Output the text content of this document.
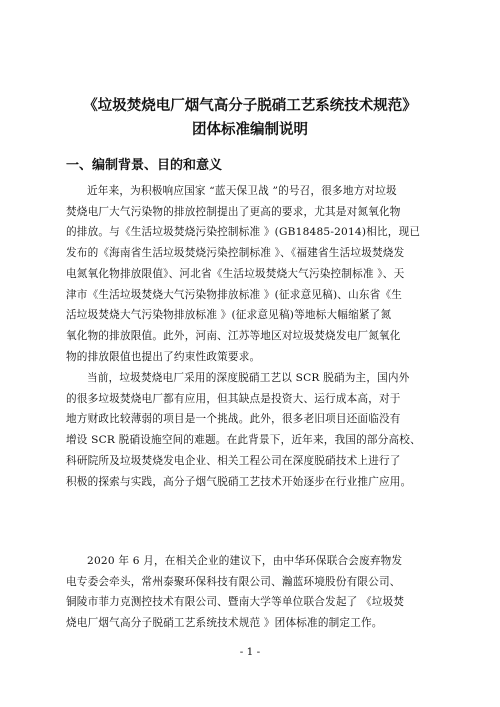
《垃圾焚烧电厂烟气高分子脱硝工艺系统技术规范》
团体标准编制说明
一、编制背景、目的和意义
近年来，为积极响应国家 “蓝天保卫战 ”的号召，很多地方对垃圾
焚烧电厂大气污染物的排放控制提出了更高的要求，尤其是对氮氧化物
的排放。与《生活垃圾焚烧污染控制标准 》(GB18485-2014)相比，现已
发布的《海南省生活垃圾焚烧污染控制标准 》、《福建省生活垃圾焚烧发
电氮氧化物排放限值》、河北省《生活垃圾焚烧大气污染控制标准 》、天
津市《生活垃圾焚烧大气污染物排放标准 》(征求意见稿)、山东省《生
活垃圾焚烧大气污染物排放标准 》(征求意见稿)等地标大幅缩紧了氮
氧化物的排放限值。此外，河南、江苏等地区对垃圾焚烧发电厂氮氧化
物的排放限值也提出了约束性政策要求。
当前，垃圾焚烧电厂采用的深度脱硝工艺以 SCR 脱硝为主，国内外
的很多垃圾焚烧电厂都有应用，但其缺点是投资大、运行成本高，对于
地方财政比较薄弱的项目是一个挑战。此外，很多老旧项目还面临没有
增设 SCR 脱硝设施空间的难题。在此背景下，近年来，我国的部分高校、
科研院所及垃圾焚烧发电企业、相关工程公司在深度脱硝技术上进行了
积极的探索与实践，高分子烟气脱硝工艺技术开始逐步在行业推广应用。
2020 年 6 月，在相关企业的建议下，由中华环保联合会废弃物发
电专委会牵头，常州泰聚环保科技有限公司、瀚蓝环境股份有限公司、
铜陵市菲力克测控技术有限公司、暨南大学等单位联合发起了 《垃圾焚
烧电厂烟气高分子脱硝工艺系统技术规范 》团体标准的制定工作。
- 1 -
